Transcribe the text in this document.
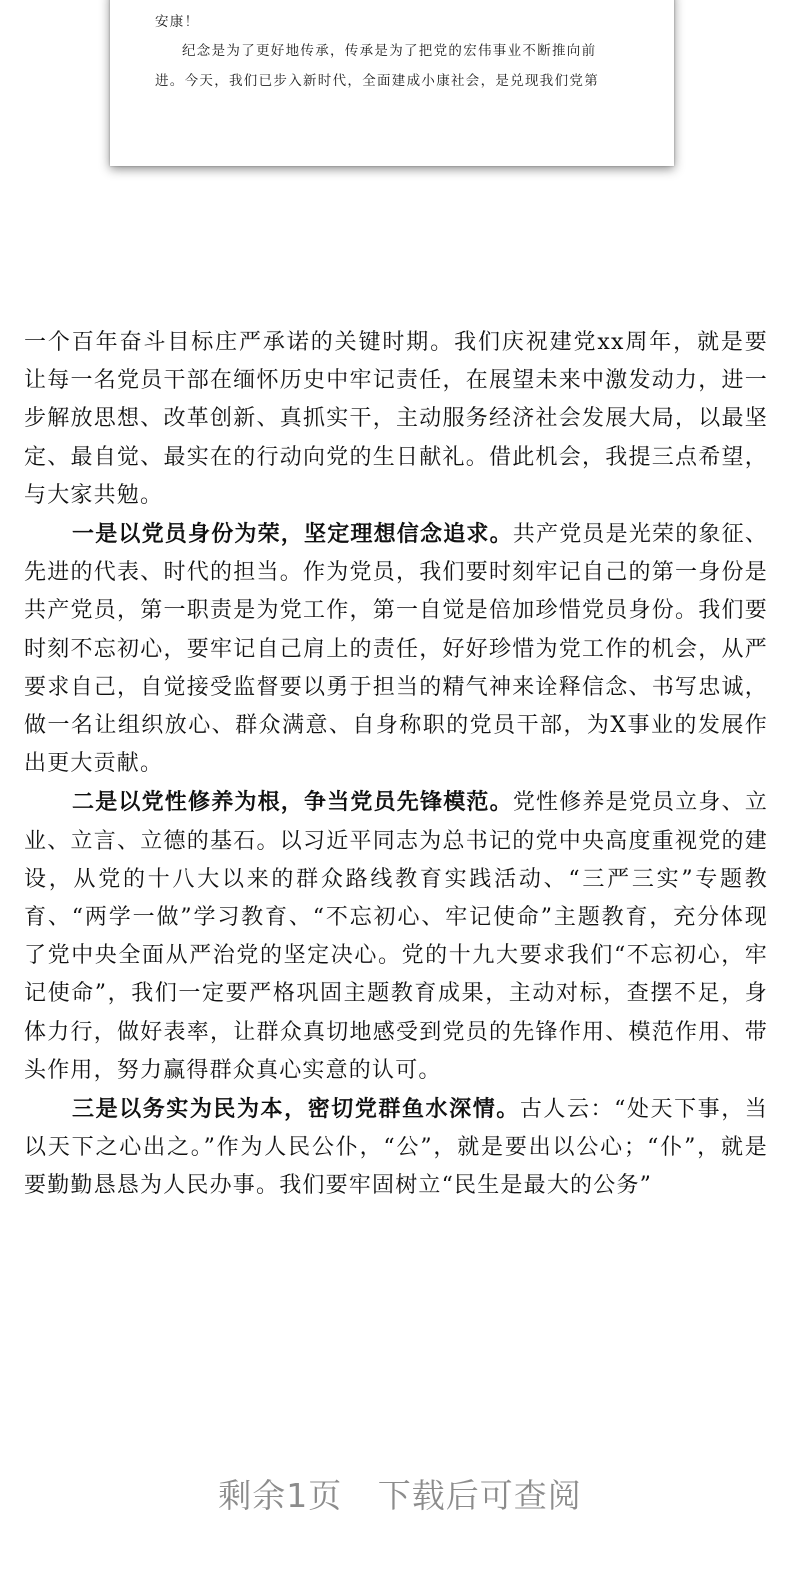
安康！
纪念是为了更好地传承，传承是为了把党的宏伟事业不断推向前
进。今天，我们已步入新时代，全面建成小康社会，是兑现我们党第

一个百年奋斗目标庄严承诺的关键时期。我们庆祝建党xx周年，就是要让每一名党员干部在缅怀历史中牢记责任，在展望未来中激发动力，进一步解放思想、改革创新、真抓实干，主动服务经济社会发展大局，以最坚定、最自觉、最实在的行动向党的生日献礼。借此机会，我提三点希望，与大家共勉。

一是以党员身份为荣，坚定理想信念追求。共产党员是光荣的象征、先进的代表、时代的担当。作为党员，我们要时刻牢记自己的第一身份是共产党员，第一职责是为党工作，第一自觉是倍加珍惜党员身份。我们要时刻不忘初心，要牢记自己肩上的责任，好好珍惜为党工作的机会，从严要求自己，自觉接受监督要以勇于担当的精气神来诠释信念、书写忠诚，做一名让组织放心、群众满意、自身称职的党员干部，为X事业的发展作出更大贡献。

二是以党性修养为根，争当党员先锋模范。党性修养是党员立身、立业、立言、立德的基石。以习近平同志为总书记的党中央高度重视党的建设，从党的十八大以来的群众路线教育实践活动、“三严三实”专题教育、“两学一做”学习教育、“不忘初心、牢记使命”主题教育，充分体现了党中央全面从严治党的坚定决心。党的十九大要求我们“不忘初心，牢记使命”，我们一定要严格巩固主题教育成果，主动对标，查摆不足，身体力行，做好表率，让群众真切地感受到党员的先锋作用、模范作用、带头作用，努力赢得群众真心实意的认可。

三是以务实为民为本，密切党群鱼水深情。古人云：“处天下事，当以天下之心出之。”作为人民公仆，“公”，就是要出以公心；“仆”，就是要勤勤恳恳为人民办事。我们要牢固树立“民生是最大的公务”

剩余1页 下载后可查阅
